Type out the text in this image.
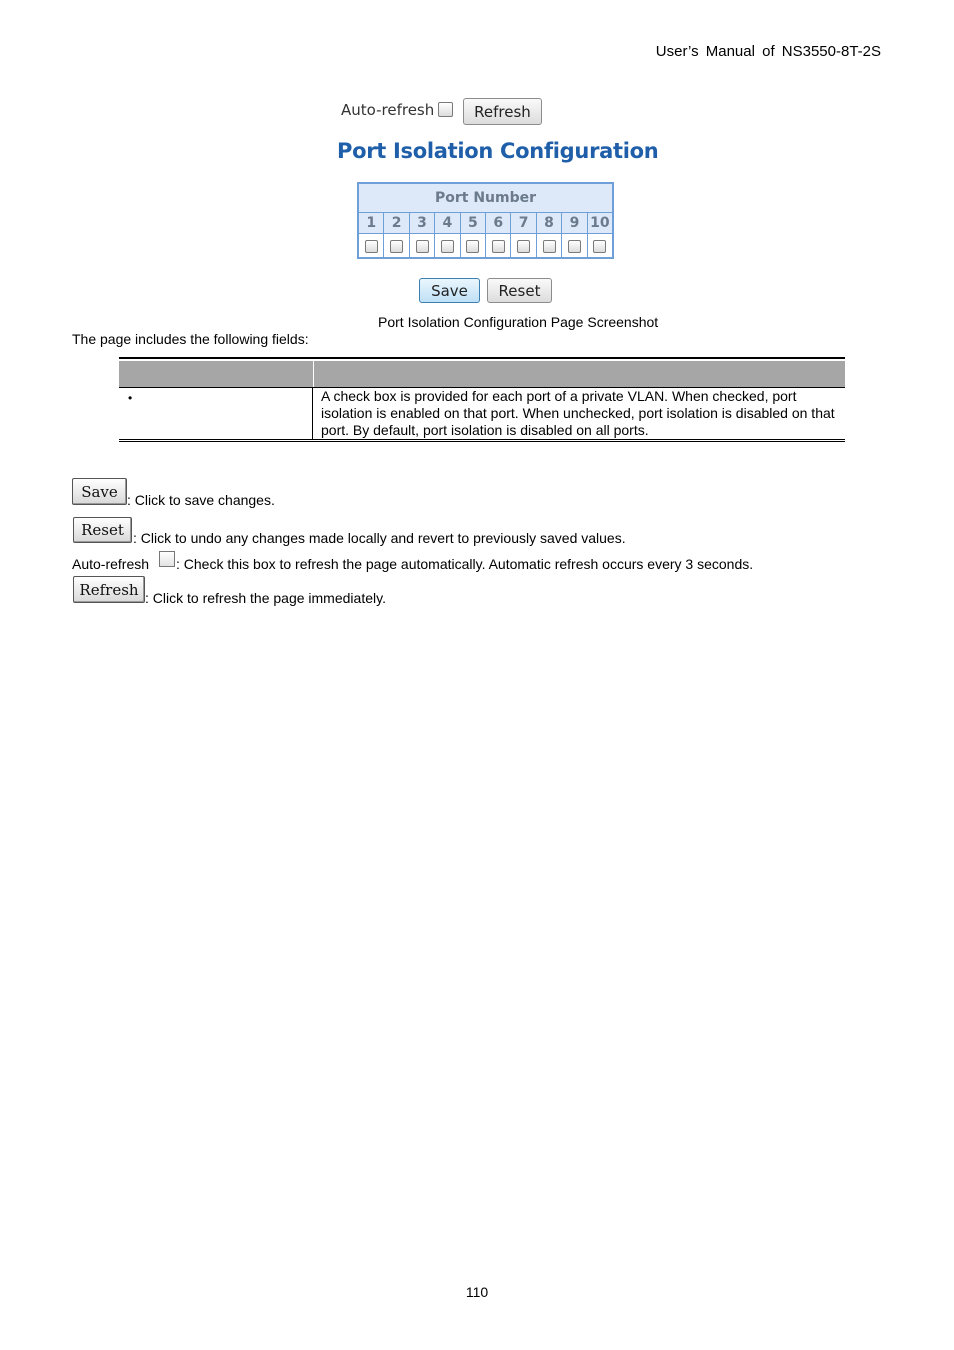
User’s Manual of NS3550-8T-2S
Auto-refresh	Refresh
Port Isolation Configuration
Port Number
1	2	3	4	5	6	7	8	9 10
Save	Reset
Port Isolation Configuration Page Screenshot
The page includes the following fields:
•	A check box is provided for each port of a private VLAN. When checked, port isolation is enabled on that port. When unchecked, port isolation is disabled on that port. By default, port isolation is disabled on all ports.
Save : Click to save changes.
Reset : Click to undo any changes made locally and revert to previously saved values.
Auto-refresh : Check this box to refresh the page automatically. Automatic refresh occurs every 3 seconds.
Refresh : Click to refresh the page immediately.
110
